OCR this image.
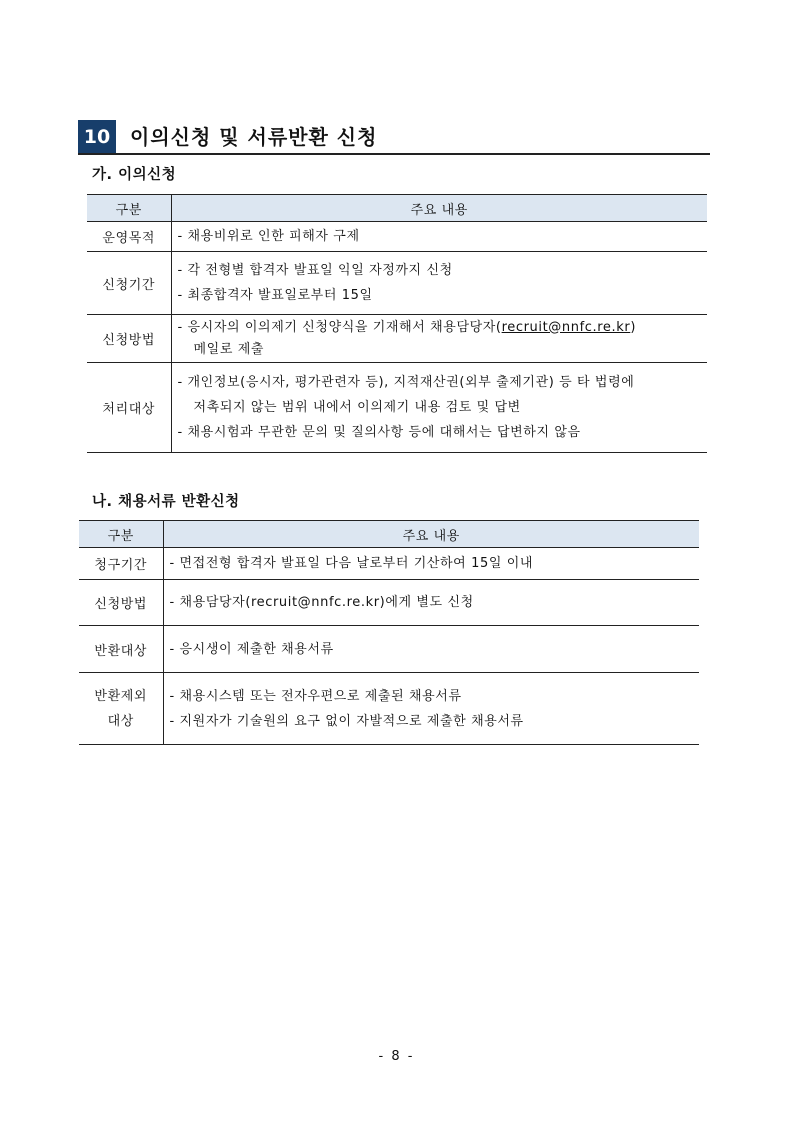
10 이의신청 및 서류반환 신청
가. 이의신청
구분	주요 내용
운영목적	- 채용비위로 인한 피해자 구제

신청기간	- 각 전형별 합격자 발표일 익일 자정까지 신청
- 최종합격자 발표일로부터 15일

신청방법	- 응시자의 이의제기 신청양식을 기재해서 채용담당자(recruit@nnfc.re.kr)
메일로 제출

처리대상	- 개인정보(응시자, 평가관련자 등), 지적재산권(외부 출제기관) 등 타 법령에
저촉되지 않는 범위 내에서 이의제기 내용 검토 및 답변
- 채용시험과 무관한 문의 및 질의사항 등에 대해서는 답변하지 않음
나. 채용서류 반환신청
구분	주요 내용
청구기간	- 면접전형 합격자 발표일 다음 날로부터 기산하여 15일 이내

신청방법	- 채용담당자(recruit@nnfc.re.kr)에게 별도 신청

반환대상	- 응시생이 제출한 채용서류

반환제외
대상	- 채용시스템 또는 전자우편으로 제출된 채용서류
- 지원자가 기술원의 요구 없이 자발적으로 제출한 채용서류
- 8 -
